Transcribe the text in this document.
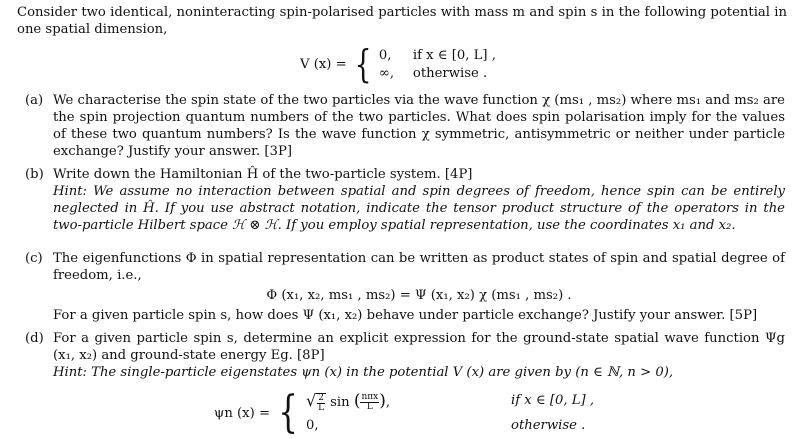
Consider two identical, noninteracting spin-polarised particles with mass m and spin s in the following potential in one spatial dimension,
V (x) = { 0,	if x ∈ [0, L] ,
∞,	otherwise .
(a) We characterise the spin state of the two particles via the wave function χ (ms₁ , ms₂) where ms₁ and ms₂ are the spin projection quantum numbers of the two particles. What does spin polarisation imply for the values of these two quantum numbers? Is the wave function χ symmetric, antisymmetric or neither under particle exchange? Justify your answer. [3P]
(b) Write down the Hamiltonian Ĥ of the two-particle system. [4P]
Hint: We assume no interaction between spatial and spin degrees of freedom, hence spin can be entirely neglected in Ĥ. If you use abstract notation, indicate the tensor product structure of the operators in the two-particle Hilbert space ℋ ⊗ ℋ. If you employ spatial representation, use the coordinates x₁ and x₂.
(c) The eigenfunctions Φ in spatial representation can be written as product states of spin and spatial degree of freedom, i.e.,
Φ (x₁, x₂, ms₁ , ms₂) = Ψ (x₁, x₂) χ (ms₁ , ms₂) .
For a given particle spin s, how does Ψ (x₁, x₂) behave under particle exchange? Justify your answer. [5P]
(d) For a given particle spin s, determine an explicit expression for the ground-state spatial wave function Ψg (x₁, x₂) and ground-state energy Eg. [8P]
Hint: The single-particle eigenstates ψn (x) in the potential V (x) are given by (n ∈ ℕ, n > 0),
ψn (x) = { √ $\frac{2}{L}$ sin ( $\frac{\text{nπx}}{L}$ ),	if x ∈ [0, L] ,
0,	otherwise .
